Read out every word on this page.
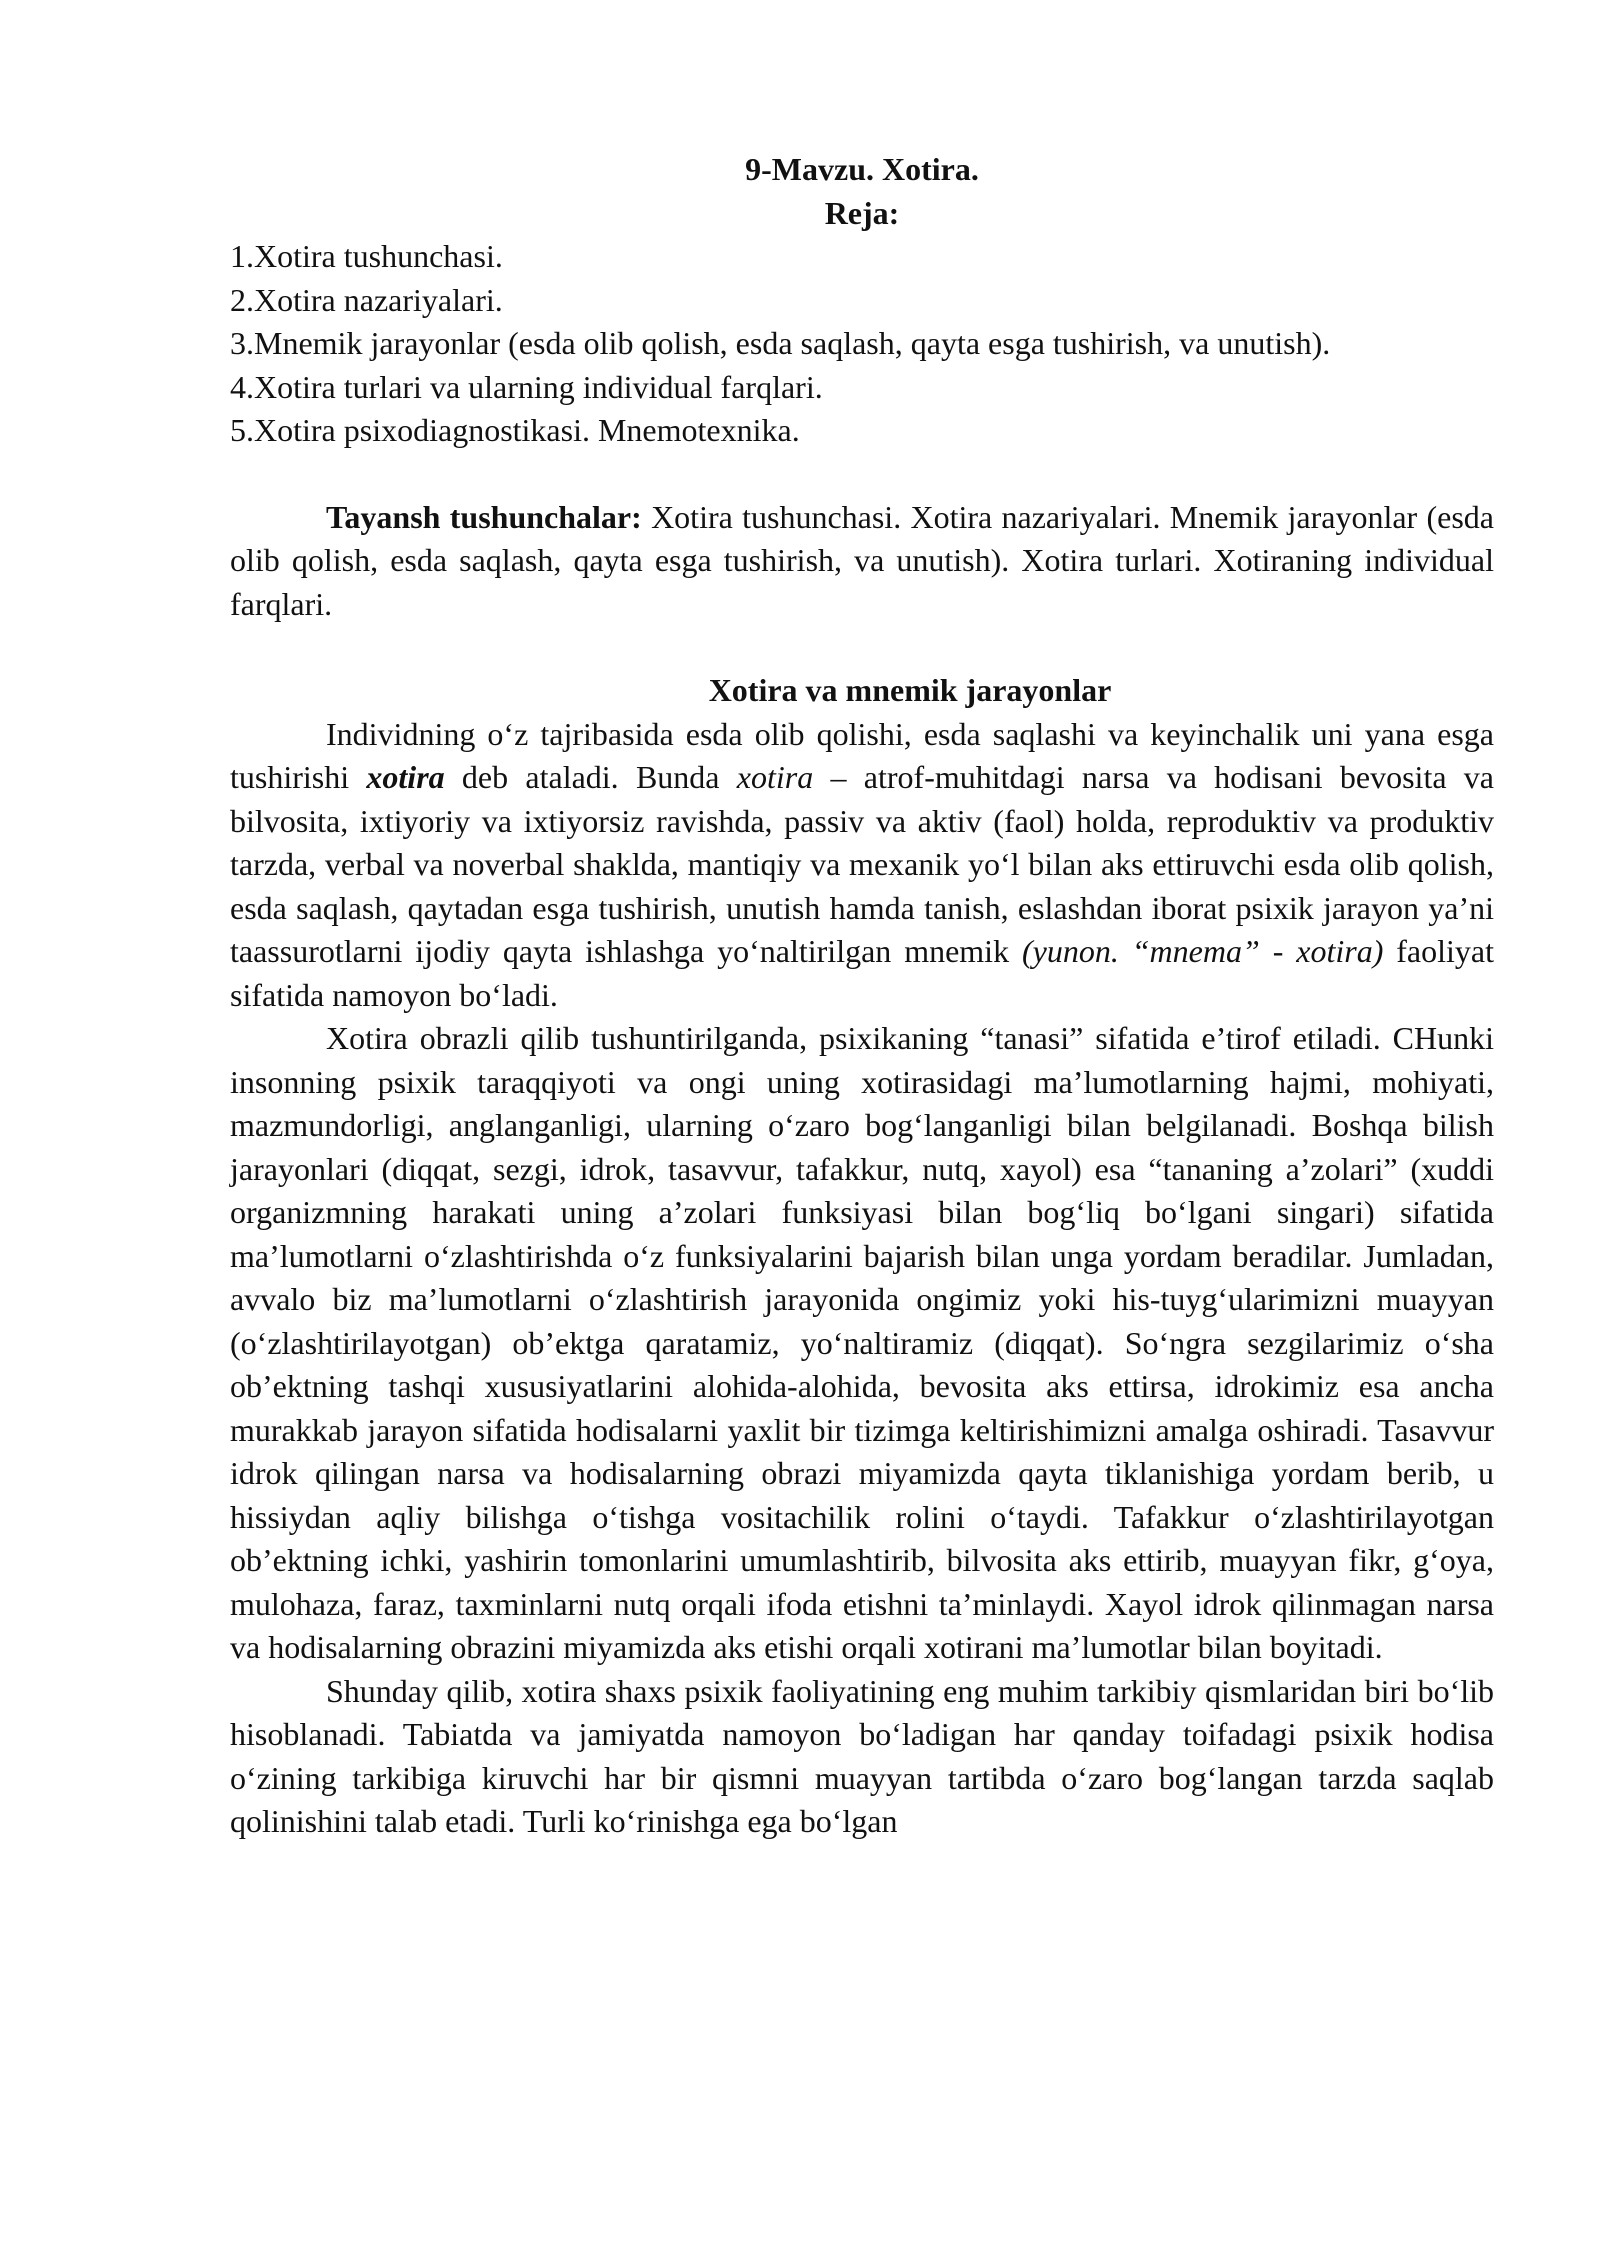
9-Mavzu. Xotira.
Reja:
1.Xotira tushunchasi.
2.Xotira nazariyalari.
3.Mnemik jarayonlar (esda olib qolish, esda saqlash, qayta esga tushirish, va unutish).
4.Xotira turlari va ularning individual farqlari.
5.Xotira psixodiagnostikasi. Mnemotexnika.

Tayansh tushunchalar: Xotira tushunchasi. Xotira nazariyalari. Mnemik jarayonlar (esda olib qolish, esda saqlash, qayta esga tushirish, va unutish). Xotira turlari. Xotiraning individual farqlari.

Xotira va mnemik jarayonlar

Individning o‘z tajribasida esda olib qolishi, esda saqlashi va keyinchalik uni yana esga tushirishi xotira deb ataladi. Bunda xotira – atrof-muhitdagi narsa va hodisani bevosita va bilvosita, ixtiyoriy va ixtiyorsiz ravishda, passiv va aktiv (faol) holda, reproduktiv va produktiv tarzda, verbal va noverbal shaklda, mantiqiy va mexanik yo‘l bilan aks ettiruvchi esda olib qolish, esda saqlash, qaytadan esga tushirish, unutish hamda tanish, eslashdan iborat psixik jarayon ya’ni taassurotlarni ijodiy qayta ishlashga yo‘naltirilgan mnemik (yunon. “mnema” - xotira) faoliyat sifatida namoyon bo‘ladi.

Xotira obrazli qilib tushuntirilganda, psixikaning “tanasi” sifatida e’tirof etiladi. CHunki insonning psixik taraqqiyoti va ongi uning xotirasidagi ma’lumotlarning hajmi, mohiyati, mazmundorligi, anglanganligi, ularning o‘zaro bog‘langanligi bilan belgilanadi. Boshqa bilish jarayonlari (diqqat, sezgi, idrok, tasavvur, tafakkur, nutq, xayol) esa “tananing a’zolari” (xuddi organizmning harakati uning a’zolari funksiyasi bilan bog‘liq bo‘lgani singari) sifatida ma’lumotlarni o‘zlashtirishda o‘z funksiyalarini bajarish bilan unga yordam beradilar. Jumladan, avvalo biz ma’lumotlarni o‘zlashtirish jarayonida ongimiz yoki his-tuyg‘ularimizni muayyan (o‘zlashtirilayotgan) ob’ektga qaratamiz, yo‘naltiramiz (diqqat). So‘ngra sezgilarimiz o‘sha ob’ektning tashqi xususiyatlarini alohida-alohida, bevosita aks ettirsa, idrokimiz esa ancha murakkab jarayon sifatida hodisalarni yaxlit bir tizimga keltirishimizni amalga oshiradi. Tasavvur idrok qilingan narsa va hodisalarning obrazi miyamizda qayta tiklanishiga yordam berib, u hissiydan aqliy bilishga o‘tishga vositachilik rolini o‘taydi. Tafakkur o‘zlashtirilayotgan ob’ektning ichki, yashirin tomonlarini umumlashtirib, bilvosita aks ettirib, muayyan fikr, g‘oya, mulohaza, faraz, taxminlarni nutq orqali ifoda etishni ta’minlaydi. Xayol idrok qilinmagan narsa va hodisalarning obrazini miyamizda aks etishi orqali xotirani ma’lumotlar bilan boyitadi.

Shunday qilib, xotira shaxs psixik faoliyatining eng muhim tarkibiy qismlaridan biri bo‘lib hisoblanadi. Tabiatda va jamiyatda namoyon bo‘ladigan har qanday toifadagi psixik hodisa o‘zining tarkibiga kiruvchi har bir qismni muayyan tartibda o‘zaro bog‘langan tarzda saqlab qolinishini talab etadi. Turli ko‘rinishga ega bo‘lgan
